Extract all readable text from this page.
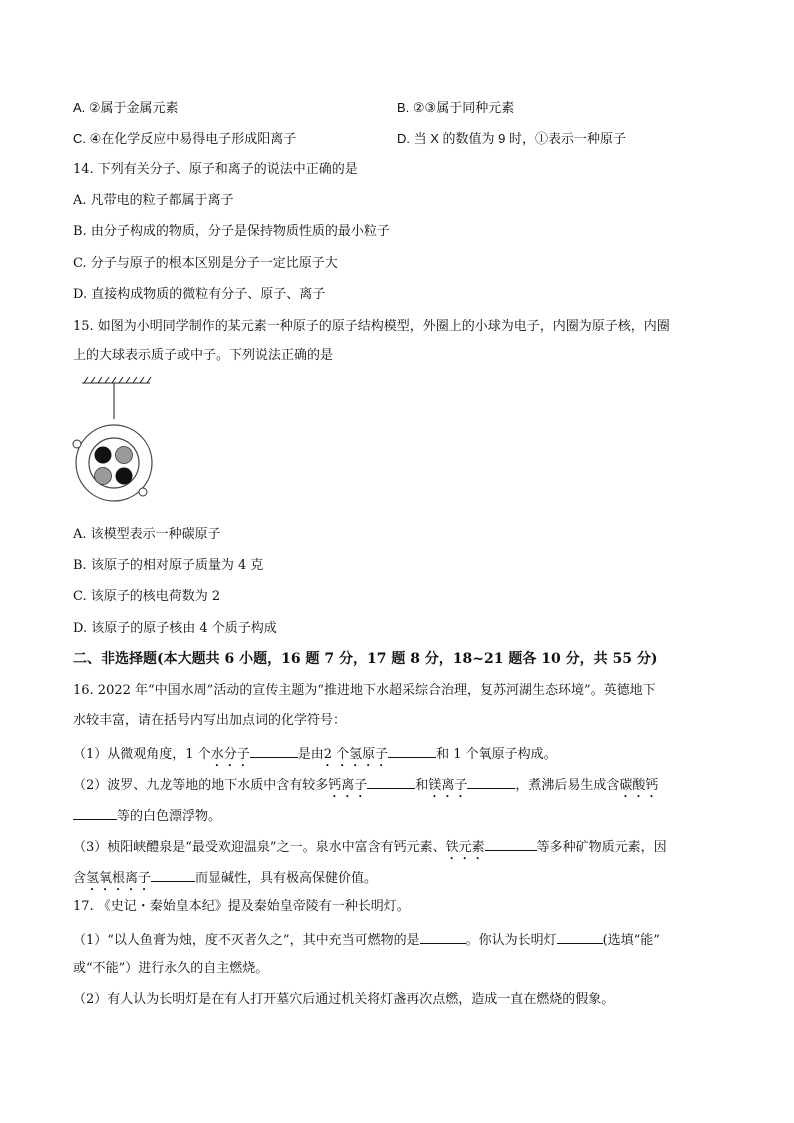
A. ②属于金属元素	B. ②③属于同种元素
C. ④在化学反应中易得电子形成阳离子	D. 当 X 的数值为 9 时，①表示一种原子
14. 下列有关分子、原子和离子的说法中正确的是
A. 凡带电的粒子都属于离子
B. 由分子构成的物质，分子是保持物质性质的最小粒子
C. 分子与原子的根本区别是分子一定比原子大
D. 直接构成物质的微粒有分子、原子、离子
15. 如图为小明同学制作的某元素一种原子的原子结构模型，外圈上的小球为电子，内圈为原子核，内圈
上的大球表示质子或中子。下列说法正确的是
A. 该模型表示一种碳原子
B. 该原子的相对原子质量为 4 克
C. 该原子的核电荷数为 2
D. 该原子的原子核由 4 个质子构成
二、非选择题(本大题共 6 小题，16 题 7 分，17 题 8 分，18~21 题各 10 分，共 55 分)
16. 2022 年“中国水周”活动的宣传主题为“推进地下水超采综合治理，复苏河湖生态环境”。英德地下
水较丰富，请在括号内写出加点词的化学符号：
（1）从微观角度，1 个水分子	是由2 个氢原子	和 1 个氧原子构成。
（2）波罗、九龙等地的地下水质中含有较多钙离子	和镁离子	，煮沸后易生成含碳酸钙
等的白色漂浮物。
（3）桢阳峡醴泉是“最受欢迎温泉”之一。泉水中富含有钙元素、铁元素	等多种矿物质元素，因
含氢氧根离子	而显碱性，具有极高保健价值。
17. 《史记・秦始皇本纪》提及秦始皇帝陵有一种长明灯。
（1）“以人鱼膏为烛，度不灭者久之”，其中充当可燃物的是	。你认为长明灯	(选填“能”
或“不能”）进行永久的自主燃烧。
（2）有人认为长明灯是在有人打开墓穴后通过机关将灯盏再次点燃，造成一直在燃烧的假象。
